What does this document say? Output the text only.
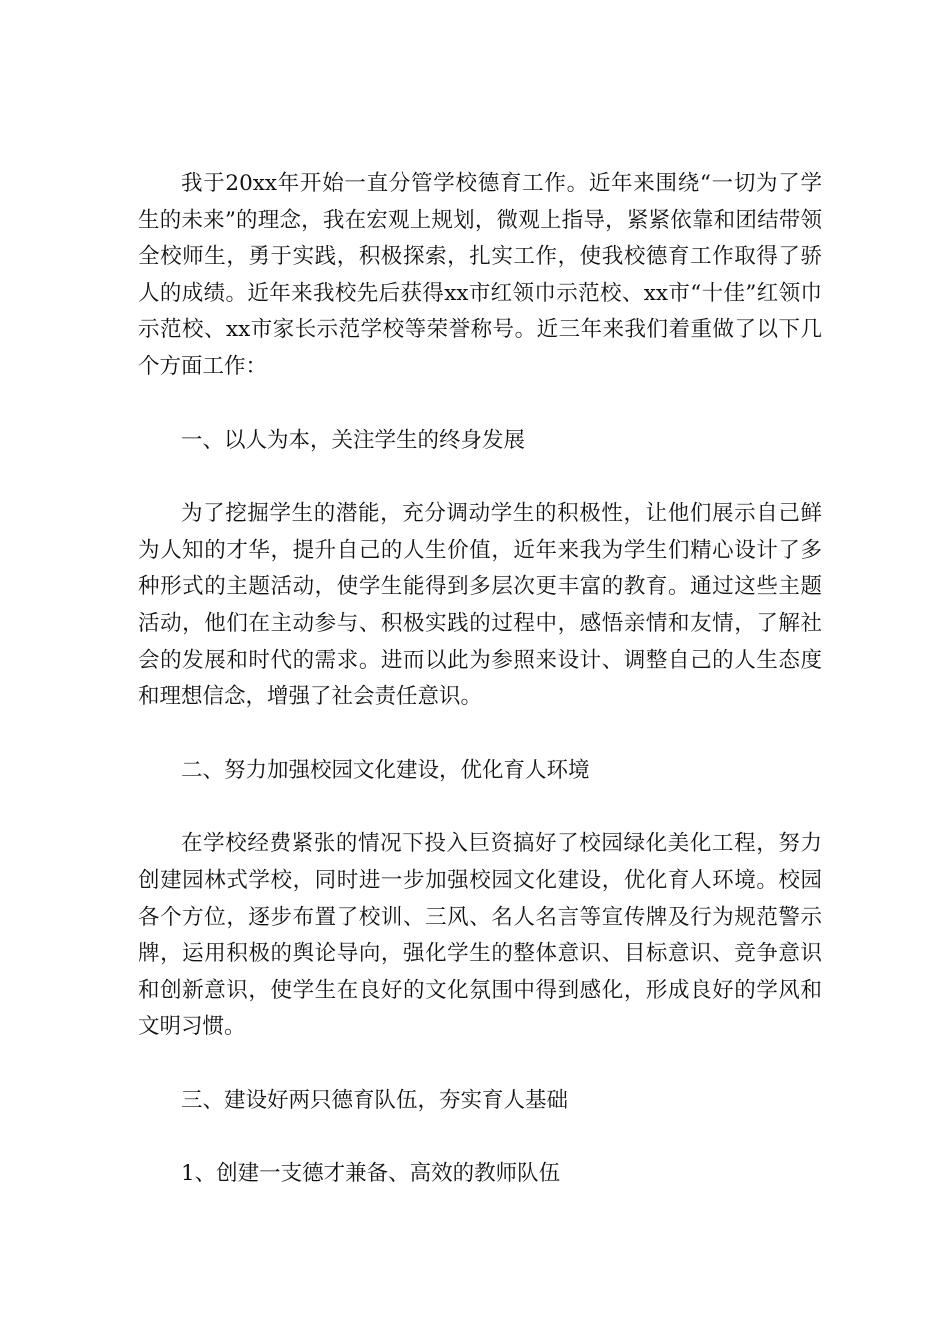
我于20xx年开始一直分管学校德育工作。近年来围绕“一切为了学生的未来”的理念，我在宏观上规划，微观上指导，紧紧依靠和团结带领全校师生，勇于实践，积极探索，扎实工作，使我校德育工作取得了骄人的成绩。近年来我校先后获得xx市红领巾示范校、xx市“十佳”红领巾示范校、xx市家长示范学校等荣誉称号。近三年来我们着重做了以下几个方面工作：

一、以人为本，关注学生的终身发展

为了挖掘学生的潜能，充分调动学生的积极性，让他们展示自己鲜为人知的才华，提升自己的人生价值，近年来我为学生们精心设计了多种形式的主题活动，使学生能得到多层次更丰富的教育。通过这些主题活动，他们在主动参与、积极实践的过程中，感悟亲情和友情，了解社会的发展和时代的需求。进而以此为参照来设计、调整自己的人生态度和理想信念，增强了社会责任意识。

二、努力加强校园文化建设，优化育人环境

在学校经费紧张的情况下投入巨资搞好了校园绿化美化工程，努力创建园林式学校，同时进一步加强校园文化建设，优化育人环境。校园各个方位，逐步布置了校训、三风、名人名言等宣传牌及行为规范警示牌，运用积极的舆论导向，强化学生的整体意识、目标意识、竞争意识和创新意识，使学生在良好的文化氛围中得到感化，形成良好的学风和文明习惯。

三、建设好两只德育队伍，夯实育人基础

1、创建一支德才兼备、高效的教师队伍
